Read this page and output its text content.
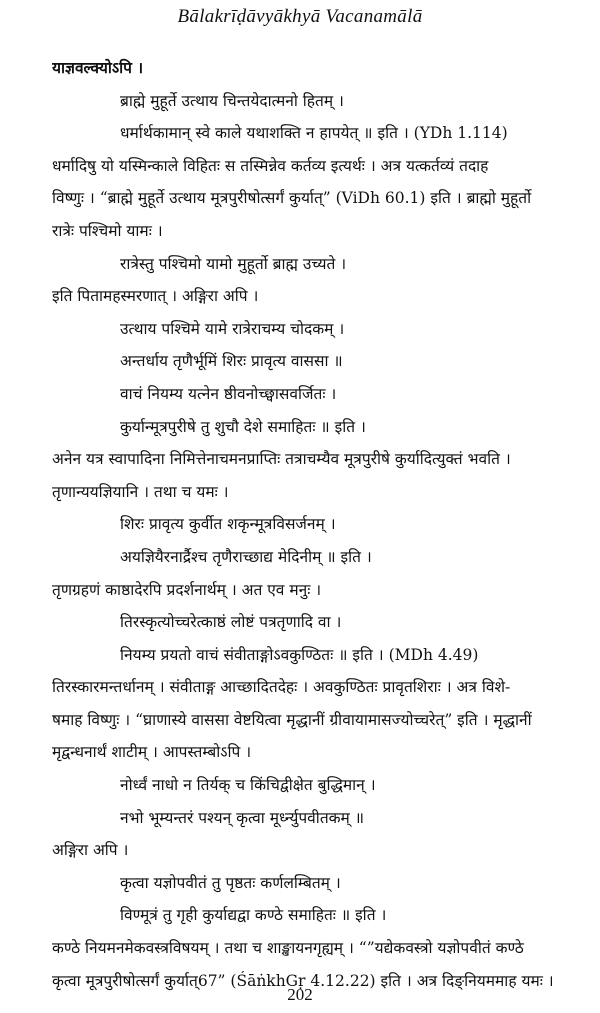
Bālakrīḍāvyākhyā Vacanamālā
याज्ञवल्क्योऽपि ।
ब्राह्मे मुहूर्ते उत्थाय चिन्तयेदात्मनो हितम् ।
धर्मार्थकामान् स्वे काले यथाशक्ति न हापयेत् ॥ इति । (YDh 1.114)
धर्मादिषु यो यस्मिन्काले विहितः स तस्मिन्नेव कर्तव्य इत्यर्थः । अत्र यत्कर्तव्यं तदाह
विष्णुः । “ब्राह्मे मुहूर्ते उत्थाय मूत्रपुरीषोत्सर्गं कुर्यात्” (ViDh 60.1) इति । ब्राह्मो मुहूर्तो
रात्रेः पश्चिमो यामः ।
रात्रेस्तु पश्चिमो यामो मुहूर्तो ब्राह्म उच्यते ।
इति पितामहस्मरणात् । अङ्गिरा अपि ।
उत्थाय पश्चिमे यामे रात्रेराचम्य चोदकम् ।
अन्तर्धाय तृणैर्भूमिं शिरः प्रावृत्य वाससा ॥
वाचं नियम्य यत्नेन ष्ठीवनोच्छ्वासवर्जितः ।
कुर्यान्मूत्रपुरीषे तु शुचौ देशे समाहितः ॥ इति ।
अनेन यत्र स्वापादिना निमित्तेनाचमनप्राप्तिः तत्राचम्यैव मूत्रपुरीषे कुर्यादित्युक्तं भवति ।
तृणान्ययज्ञियानि । तथा च यमः ।
शिरः प्रावृत्य कुर्वीत शकृन्मूत्रविसर्जनम् ।
अयज्ञियैरनार्द्रैश्च तृणैराच्छाद्य मेदिनीम् ॥ इति ।
तृणग्रहणं काष्ठादेरपि प्रदर्शनार्थम् । अत एव मनुः ।
तिरस्कृत्योच्चरेत्काष्ठं लोष्टं पत्रतृणादि वा ।
नियम्य प्रयतो वाचं संवीताङ्गोऽवकुण्ठितः ॥ इति । (MDh 4.49)
तिरस्कारमन्तर्धानम् । संवीताङ्ग आच्छादितदेहः । अवकुण्ठितः प्रावृतशिराः । अत्र विशे-
षमाह विष्णुः । “घ्राणास्ये वाससा वेष्टयित्वा मृद्धानीं ग्रीवायामासज्योच्चरेत्” इति । मृद्धानीं
मृद्वन्धनार्थं शाटीम् । आपस्तम्बोऽपि ।
नोर्ध्वं नाधो न तिर्यक् च किंचिद्वीक्षेत बुद्धिमान् ।
नभो भूम्यन्तरं पश्यन् कृत्वा मूर्ध्न्युपवीतकम् ॥
अङ्गिरा अपि ।
कृत्वा यज्ञोपवीतं तु पृष्ठतः कर्णलम्बितम् ।
विण्मूत्रं तु गृही कुर्याद्यद्वा कण्ठे समाहितः ॥ इति ।
कण्ठे नियमनमेकवस्त्रविषयम् । तथा च शाङ्खायनगृह्यम् । “”यद्येकवस्त्रो यज्ञोपवीतं कण्ठे
कृत्वा मूत्रपुरीषोत्सर्गं कुर्यात्67” (ŚāṅkhGṛ 4.12.22) इति । अत्र दिङ्नियममाह यमः ।
202
